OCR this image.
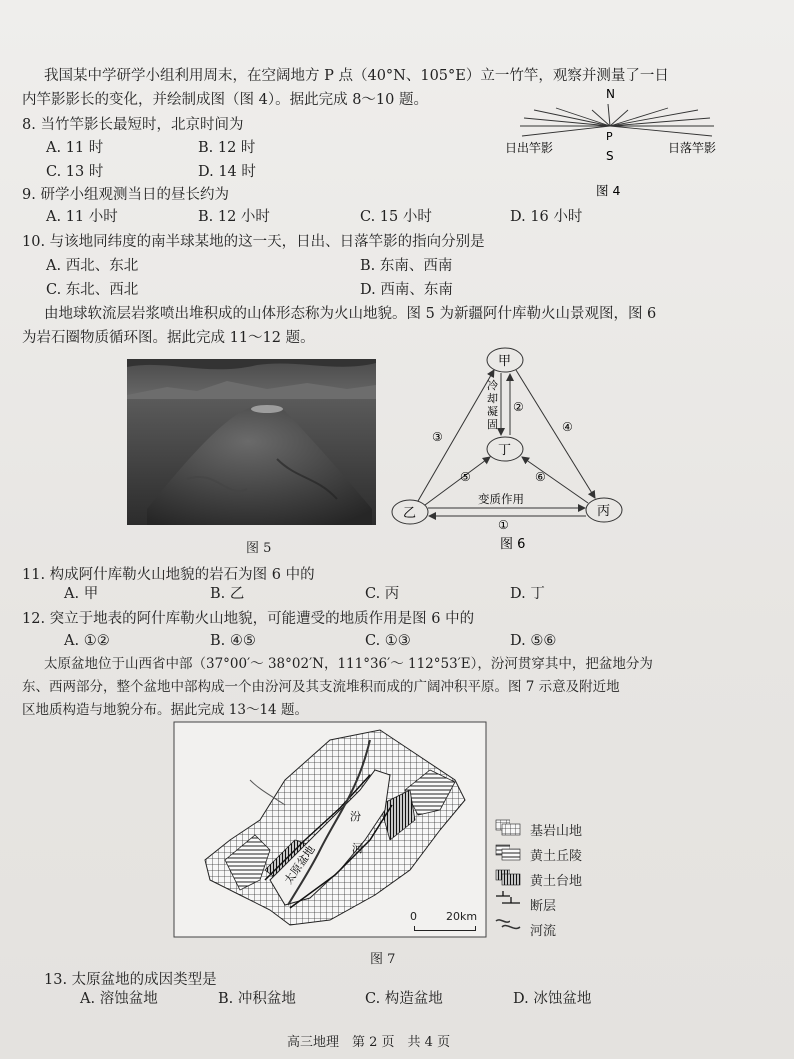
我国某中学研学小组利用周末，在空阔地方 P 点（40°N、105°E）立一竹竿，观察并测量了一日
内竿影影长的变化，并绘制成图（图 4）。据此完成 8～10 题。
8. 当竹竿影长最短时，北京时间为
A. 11 时	B. 12 时
C. 13 时	D. 14 时
9. 研学小组观测当日的昼长约为
A. 11 小时	B. 12 小时	C. 15 小时	D. 16 小时
10. 与该地同纬度的南半球某地的这一天，日出、日落竿影的指向分别是
A. 西北、东北	B. 东南、西南
C. 东北、西北	D. 西南、东南
N
P
S
日出竿影	日落竿影
图 4
由地球软流层岩浆喷出堆积成的山体形态称为火山地貌。图 5 为新疆阿什库勒火山景观图，图 6
为岩石圈物质循环图。据此完成 11～12 题。
图 5
甲
丁
乙	丙
冷
却
凝
固
②
③
④
⑤	⑥
变质作用
①
图 6
11. 构成阿什库勒火山地貌的岩石为图 6 中的
A. 甲	B. 乙	C. 丙	D. 丁
12. 突立于地表的阿什库勒火山地貌，可能遭受的地质作用是图 6 中的
A. ①②	B. ④⑤	C. ①③	D. ⑤⑥
太原盆地位于山西省中部（37°00′～ 38°02′N，111°36′～ 112°53′E），汾河贯穿其中，把盆地分为
东、西两部分，整个盆地中部构成一个由汾河及其支流堆积而成的广阔冲积平原。图 7 示意及附近地
区地质构造与地貌分布。据此完成 13～14 题。
汾
河
太原盆地
基岩山地
黄土丘陵
黄土台地
断层
河流
0	20km
图 7
13. 太原盆地的成因类型是
A. 溶蚀盆地	B. 冲积盆地	C. 构造盆地	D. 冰蚀盆地
高三地理　第 2 页　共 4 页
